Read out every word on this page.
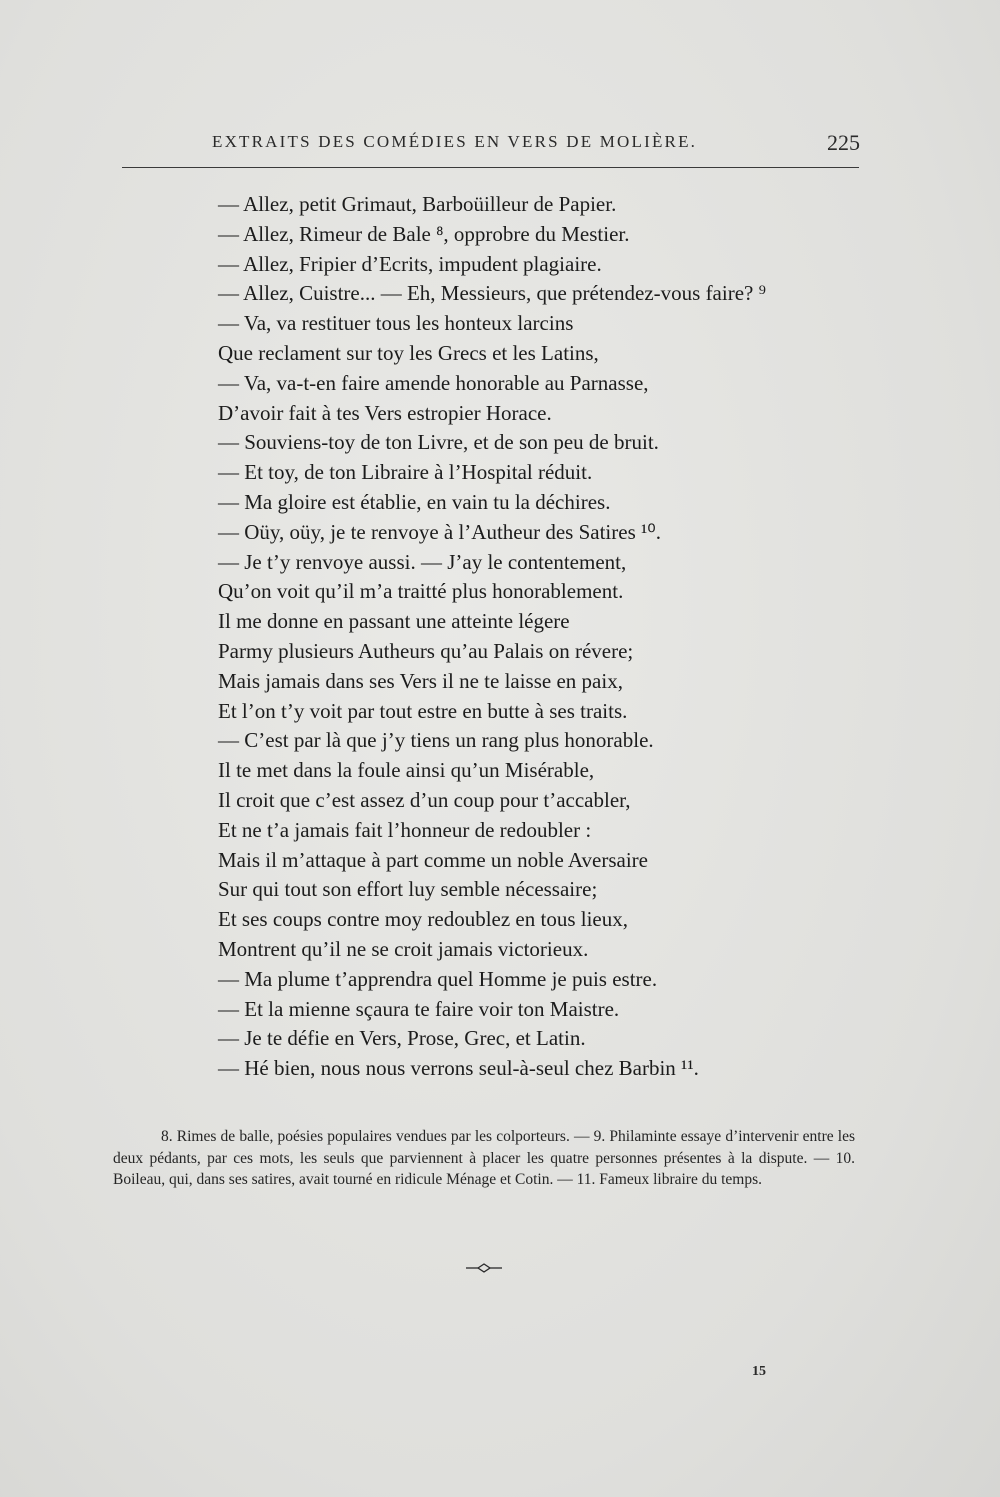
EXTRAITS DES COMÉDIES EN VERS DE MOLIÈRE.	225
— Allez, petit Grimaut, Barboüilleur de Papier.
— Allez, Rimeur de Bale ⁸, opprobre du Mestier.
— Allez, Fripier d’Ecrits, impudent plagiaire.
— Allez, Cuistre... — Eh, Messieurs, que prétendez-vous faire? ⁹
— Va, va restituer tous les honteux larcins
Que reclament sur toy les Grecs et les Latins,
— Va, va-t-en faire amende honorable au Parnasse,
D’avoir fait à tes Vers estropier Horace.
— Souviens-toy de ton Livre, et de son peu de bruit.
— Et toy, de ton Libraire à l’Hospital réduit.
— Ma gloire est établie, en vain tu la déchires.
— Oüy, oüy, je te renvoye à l’Autheur des Satires ¹⁰.
— Je t’y renvoye aussi. — J’ay le contentement,
Qu’on voit qu’il m’a traitté plus honorablement.
Il me donne en passant une atteinte légere
Parmy plusieurs Autheurs qu’au Palais on révere;
Mais jamais dans ses Vers il ne te laisse en paix,
Et l’on t’y voit par tout estre en butte à ses traits.
— C’est par là que j’y tiens un rang plus honorable.
Il te met dans la foule ainsi qu’un Misérable,
Il croit que c’est assez d’un coup pour t’accabler,
Et ne t’a jamais fait l’honneur de redoubler :
Mais il m’attaque à part comme un noble Aversaire
Sur qui tout son effort luy semble nécessaire;
Et ses coups contre moy redoublez en tous lieux,
Montrent qu’il ne se croit jamais victorieux.
— Ma plume t’apprendra quel Homme je puis estre.
— Et la mienne sçaura te faire voir ton Maistre.
— Je te défie en Vers, Prose, Grec, et Latin.
— Hé bien, nous nous verrons seul-à-seul chez Barbin ¹¹.

8. Rimes de balle, poésies populaires vendues par les colporteurs. — 9. Philaminte essaye d’intervenir entre les deux pédants, par ces mots, les seuls que parviennent à placer les quatre personnes présentes à la dispute. — 10. Boileau, qui, dans ses satires, avait tourné en ridicule Ménage et Cotin. — 11. Fameux libraire du temps.

15
